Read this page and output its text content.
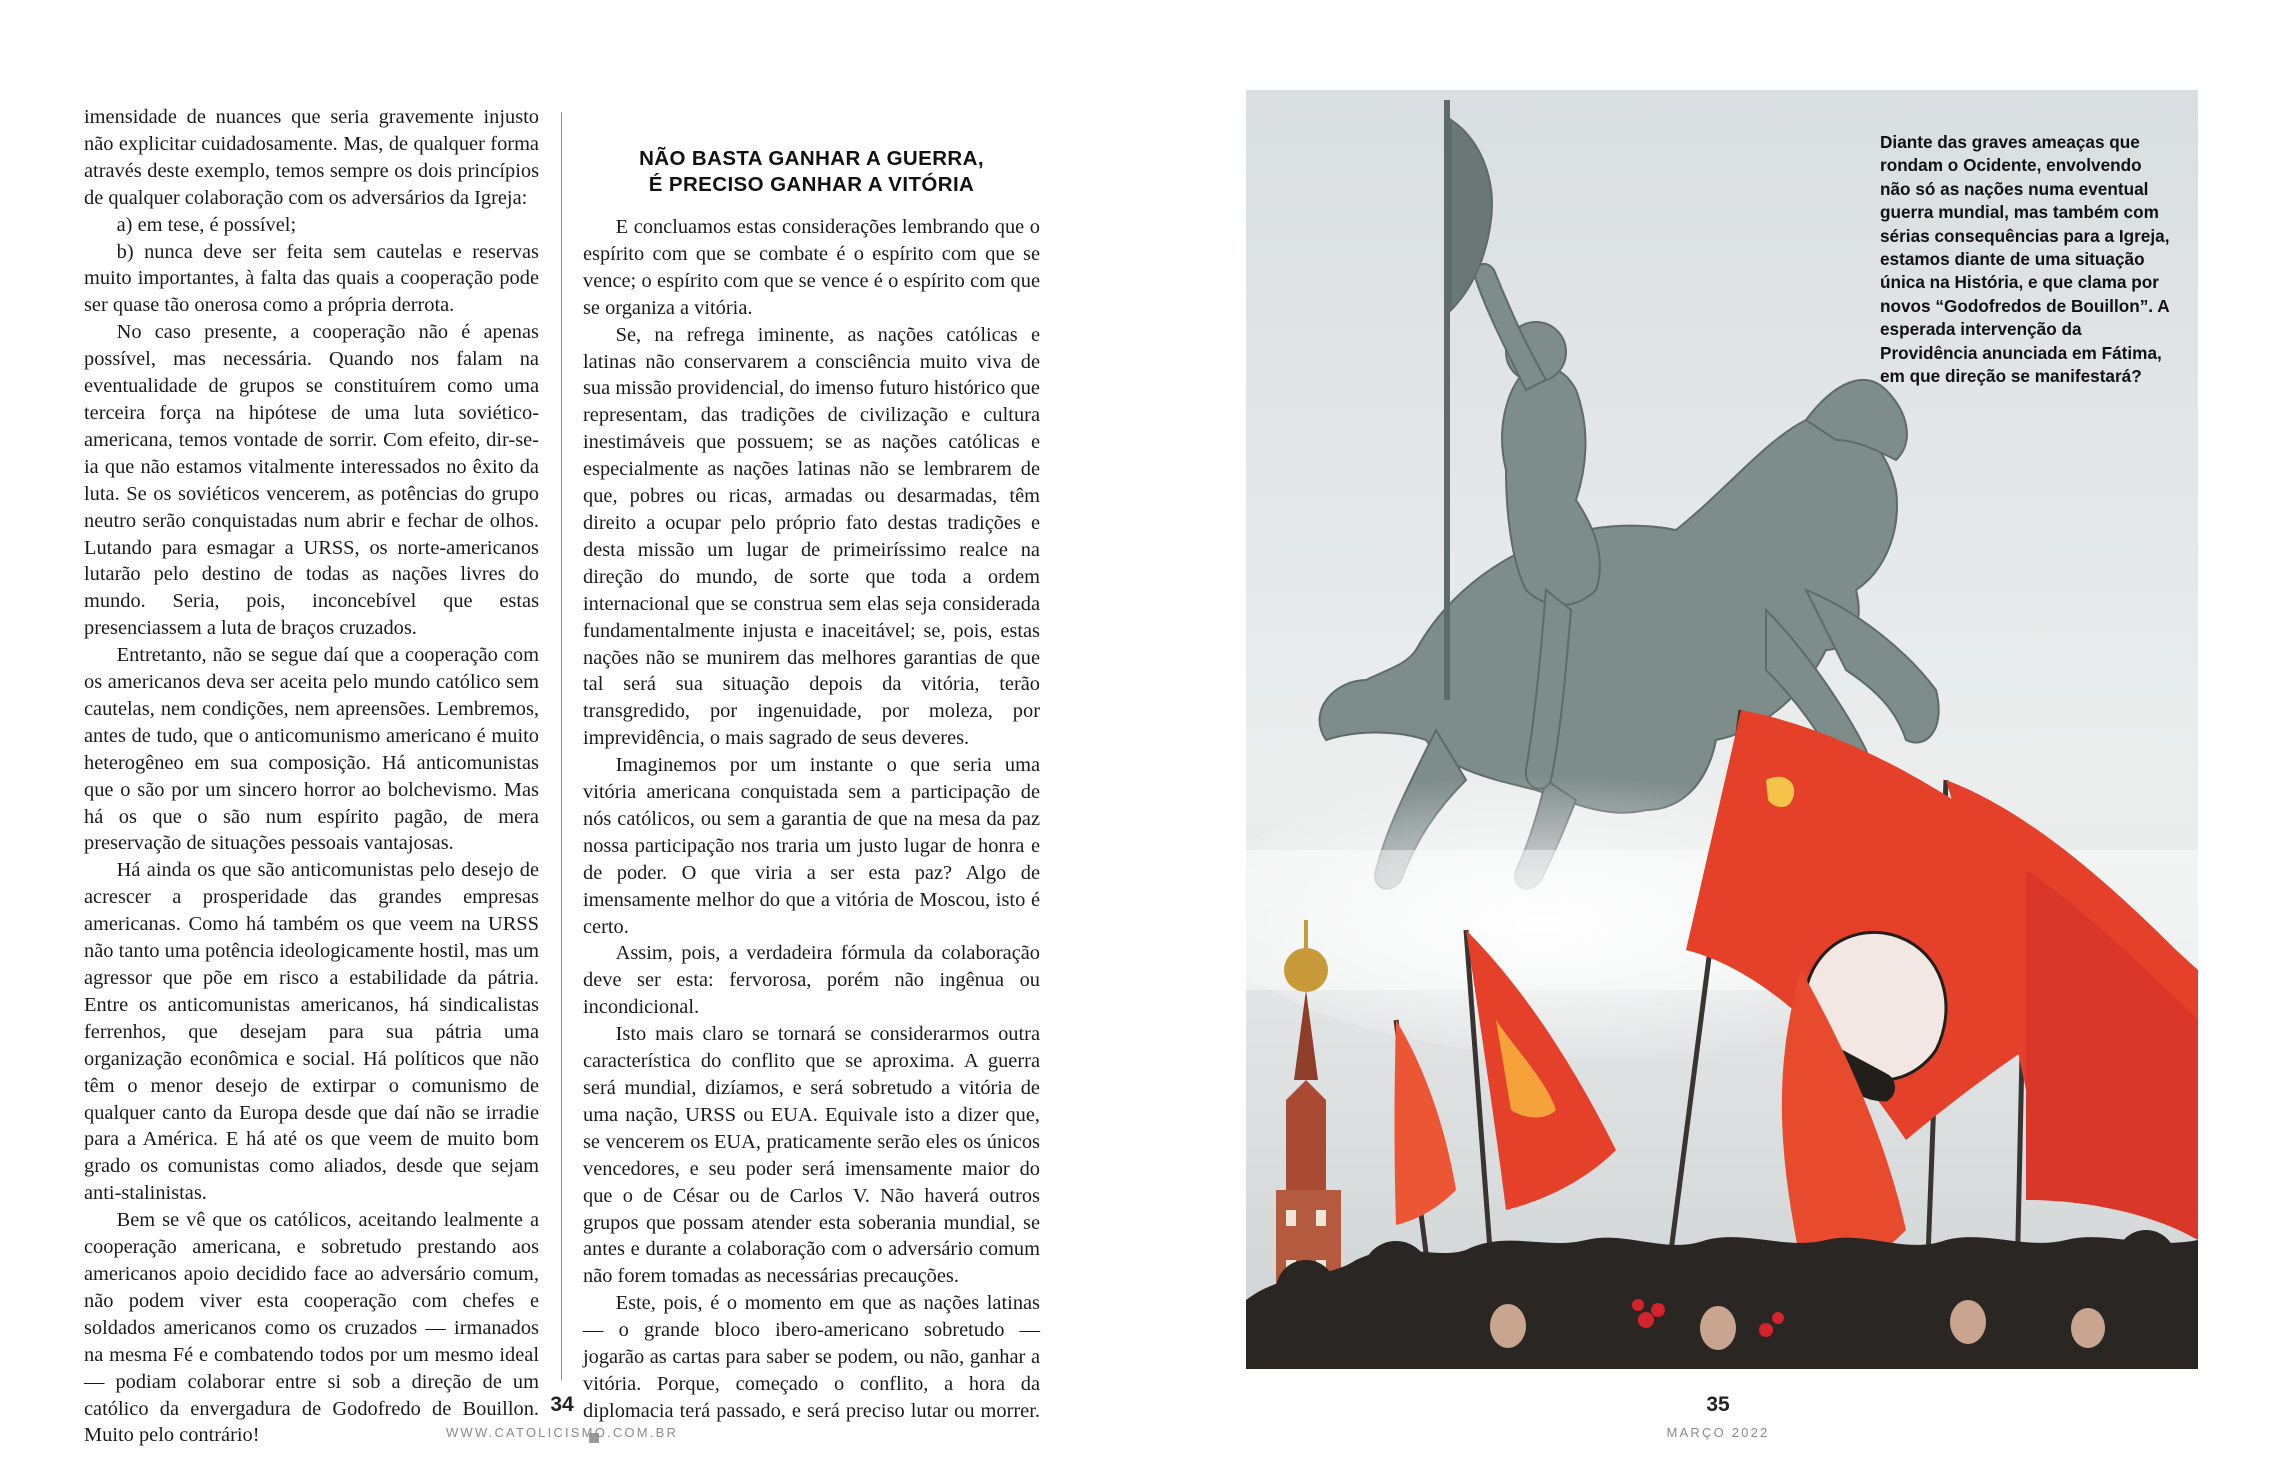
imensidade de nuances que seria gravemente injusto não explicitar cuidadosamente. Mas, de qualquer forma através deste exemplo, temos sempre os dois princípios de qualquer colaboração com os adversários da Igreja:

a) em tese, é possível;

b) nunca deve ser feita sem cautelas e reservas muito importantes, à falta das quais a cooperação pode ser quase tão onerosa como a própria derrota.

No caso presente, a cooperação não é apenas possível, mas necessária. Quando nos falam na eventualidade de grupos se constituírem como uma terceira força na hipótese de uma luta soviético-americana, temos vontade de sorrir. Com efeito, dir-se-ia que não estamos vitalmente interessados no êxito da luta. Se os soviéticos vencerem, as potências do grupo neutro serão conquistadas num abrir e fechar de olhos. Lutando para esmagar a URSS, os norte-americanos lutarão pelo destino de todas as nações livres do mundo. Seria, pois, inconcebível que estas presenciassem a luta de braços cruzados.

Entretanto, não se segue daí que a cooperação com os americanos deva ser aceita pelo mundo católico sem cautelas, nem condições, nem apreensões. Lembremos, antes de tudo, que o anticomunismo americano é muito heterogêneo em sua composição. Há anticomunistas que o são por um sincero horror ao bolchevismo. Mas há os que o são num espírito pagão, de mera preservação de situações pessoais vantajosas.

Há ainda os que são anticomunistas pelo desejo de acrescer a prosperidade das grandes empresas americanas. Como há também os que veem na URSS não tanto uma potência ideologicamente hostil, mas um agressor que põe em risco a estabilidade da pátria. Entre os anticomunistas americanos, há sindicalistas ferrenhos, que desejam para sua pátria uma organização econômica e social. Há políticos que não têm o menor desejo de extirpar o comunismo de qualquer canto da Europa desde que daí não se irradie para a América. E há até os que veem de muito bom grado os comunistas como aliados, desde que sejam anti-stalinistas.

Bem se vê que os católicos, aceitando lealmente a cooperação americana, e sobretudo prestando aos americanos apoio decidido face ao adversário comum, não podem viver esta cooperação com chefes e soldados americanos como os cruzados — irmanados na mesma Fé e combatendo todos por um mesmo ideal — podiam colaborar entre si sob a direção de um católico da envergadura de Godofredo de Bouillon. Muito pelo contrário!

NÃO BASTA GANHAR A GUERRA,
É PRECISO GANHAR A VITÓRIA

E concluamos estas considerações lembrando que o espírito com que se combate é o espírito com que se vence; o espírito com que se vence é o espírito com que se organiza a vitória.

Se, na refrega iminente, as nações católicas e latinas não conservarem a consciência muito viva de sua missão providencial, do imenso futuro histórico que representam, das tradições de civilização e cultura inestimáveis que possuem; se as nações católicas e especialmente as nações latinas não se lembrarem de que, pobres ou ricas, armadas ou desarmadas, têm direito a ocupar pelo próprio fato destas tradições e desta missão um lugar de primeiríssimo realce na direção do mundo, de sorte que toda a ordem internacional que se construa sem elas seja considerada fundamentalmente injusta e inaceitável; se, pois, estas nações não se munirem das melhores garantias de que tal será sua situação depois da vitória, terão transgredido, por ingenuidade, por moleza, por imprevidência, o mais sagrado de seus deveres.

Imaginemos por um instante o que seria uma vitória americana conquistada sem a participação de nós católicos, ou sem a garantia de que na mesa da paz nossa participação nos traria um justo lugar de honra e de poder. O que viria a ser esta paz? Algo de imensamente melhor do que a vitória de Moscou, isto é certo.

Assim, pois, a verdadeira fórmula da colaboração deve ser esta: fervorosa, porém não ingênua ou incondicional.

Isto mais claro se tornará se considerarmos outra característica do conflito que se aproxima. A guerra será mundial, dizíamos, e será sobretudo a vitória de uma nação, URSS ou EUA. Equivale isto a dizer que, se vencerem os EUA, praticamente serão eles os únicos vencedores, e seu poder será imensamente maior do que o de César ou de Carlos V. Não haverá outros grupos que possam atender esta soberania mundial, se antes e durante a colaboração com o adversário comum não forem tomadas as necessárias precauções.

Este, pois, é o momento em que as nações latinas — o grande bloco ibero-americano sobretudo — jogarão as cartas para saber se podem, ou não, ganhar a vitória. Porque, começado o conflito, a hora da diplomacia terá passado, e será preciso lutar ou morrer.

34
WWW.CATOLICISMO.COM.BR
Diante das graves ameaças que rondam o Ocidente, envolvendo não só as nações numa eventual guerra mundial, mas também com sérias consequências para a Igreja, estamos diante de uma situação única na História, e que clama por novos “Godofredos de Bouillon”. A esperada intervenção da Providência anunciada em Fátima, em que direção se manifestará?
35
MARÇO 2022
